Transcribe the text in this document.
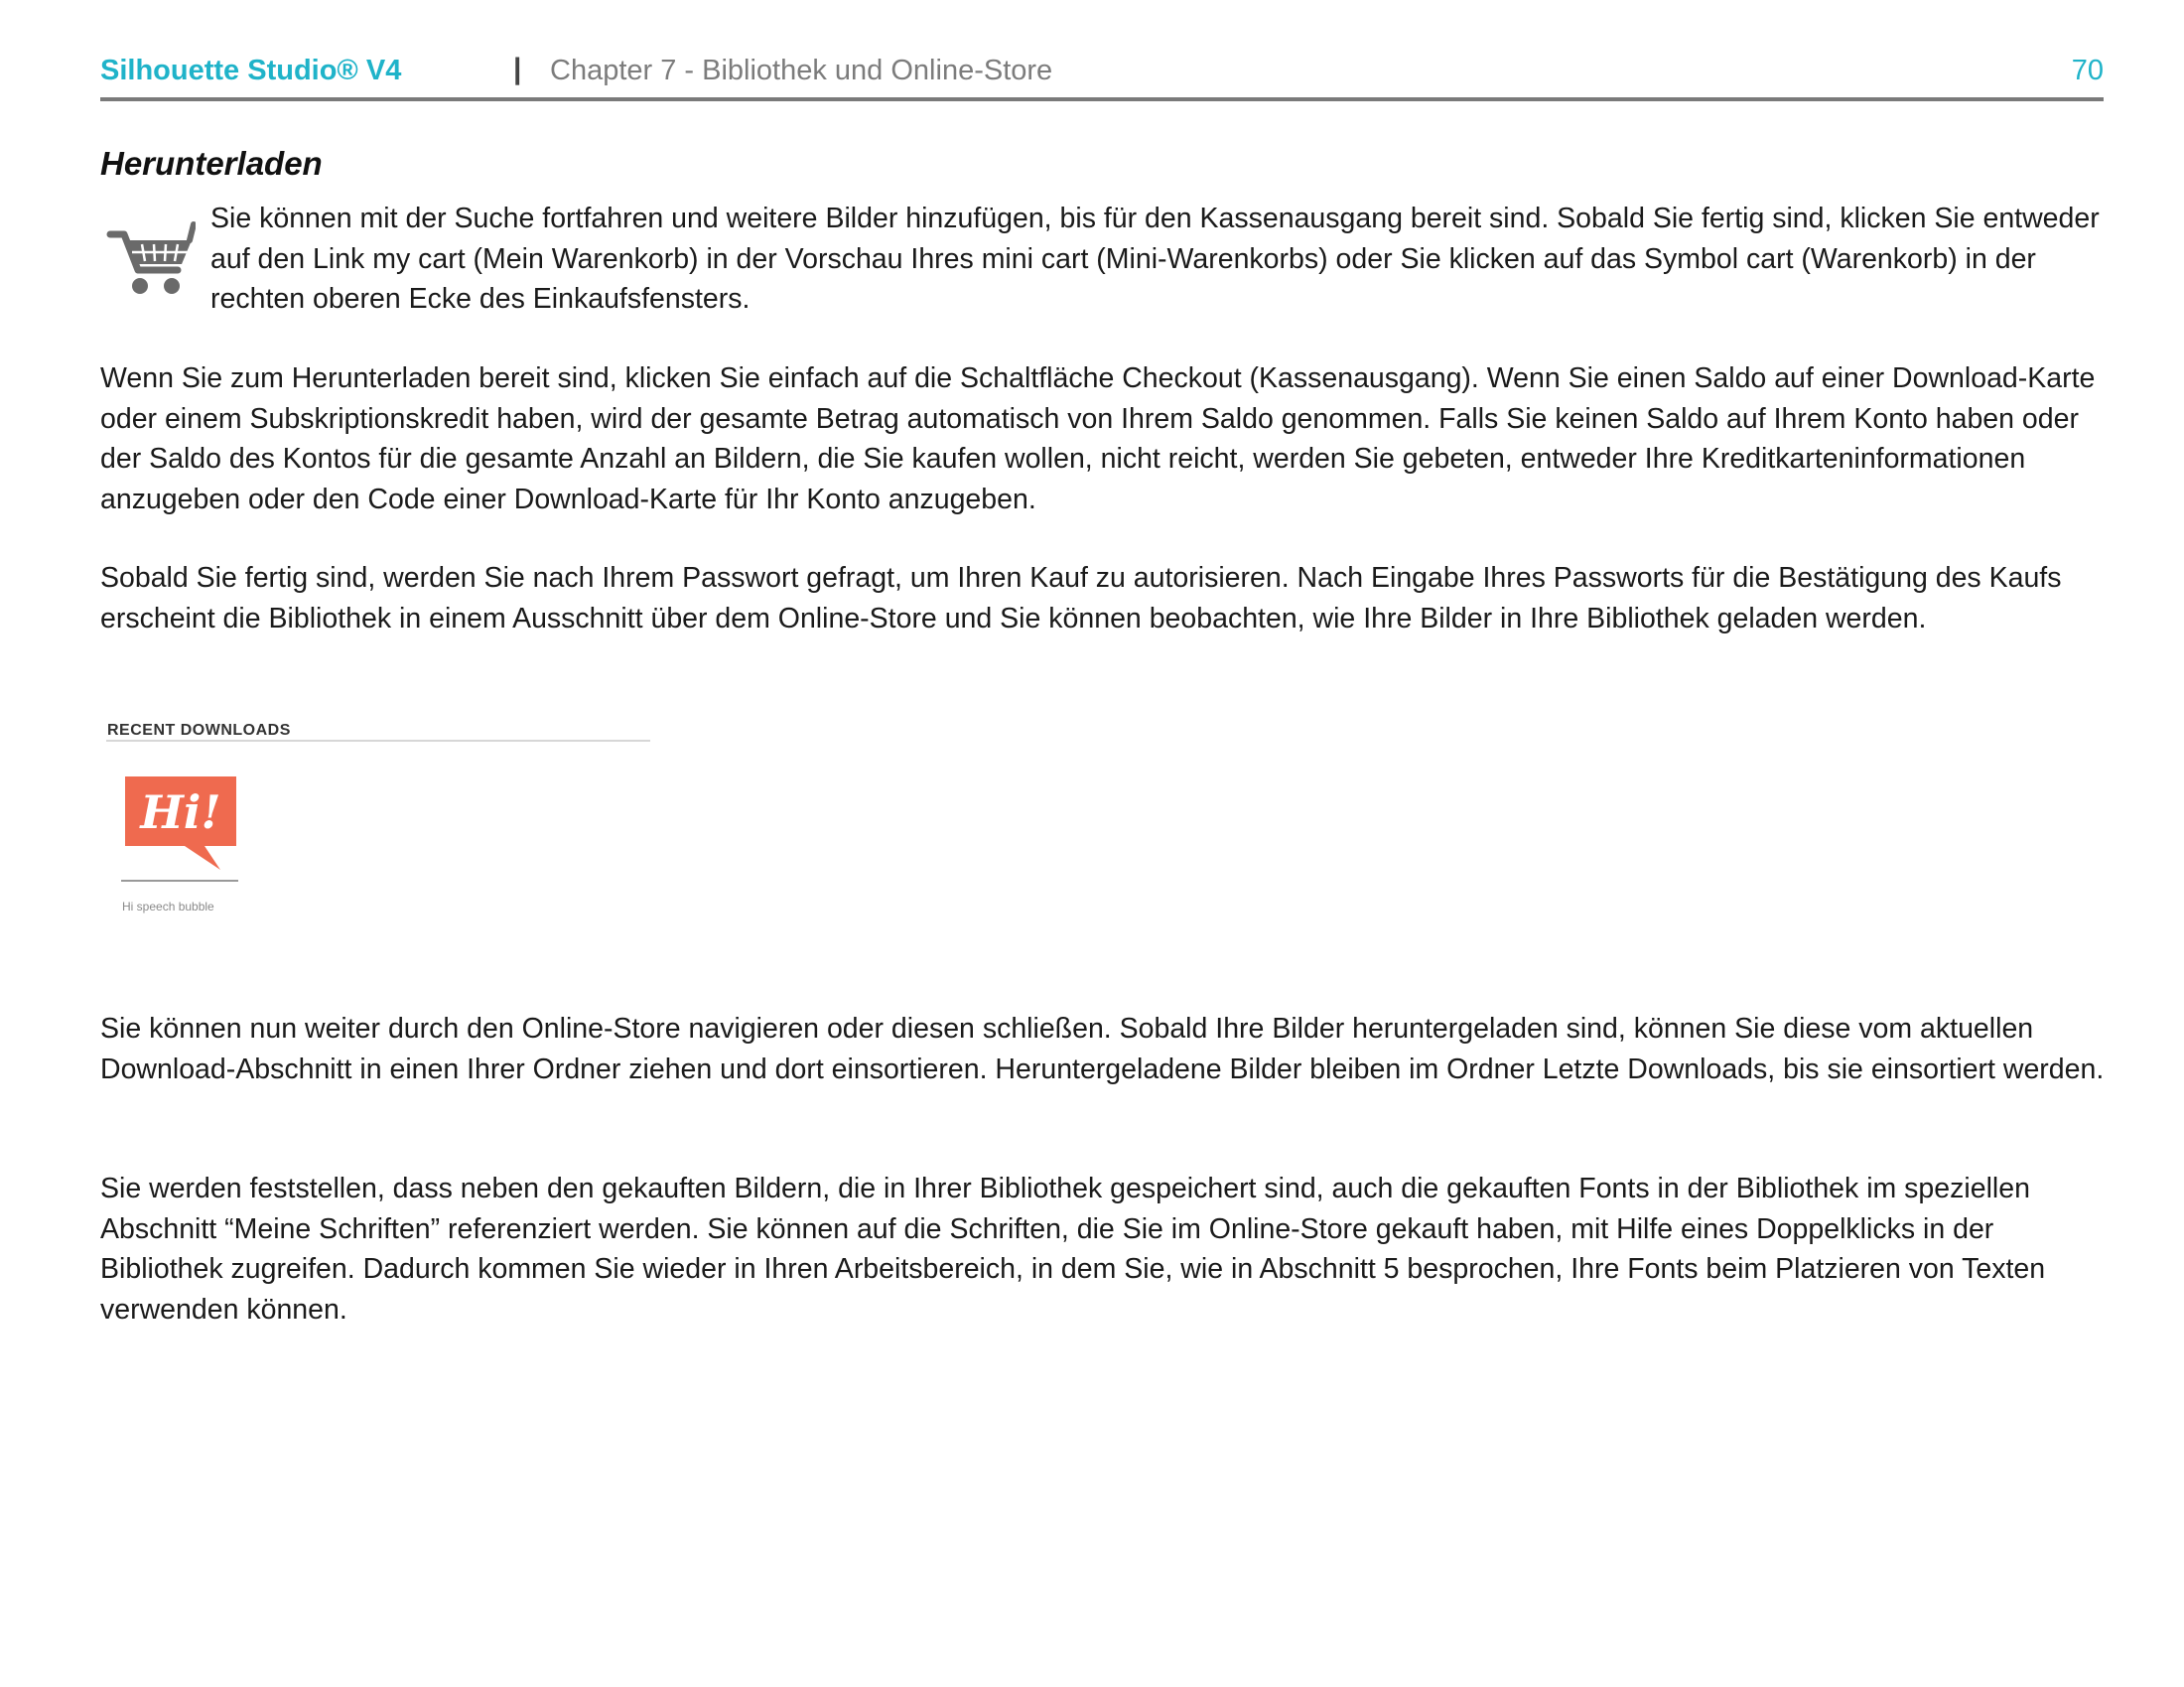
Silhouette Studio® V4	| Chapter 7 - Bibliothek und Online-Store	70
Herunterladen

Sie können mit der Suche fortfahren und weitere Bilder hinzufügen, bis für den Kassenausgang bereit sind. Sobald Sie fertig sind, klicken Sie entweder auf den Link my cart (Mein Warenkorb) in der Vorschau Ihres mini cart (Mini-Warenkorbs) oder Sie klicken auf das Symbol cart (Warenkorb) in der rechten oberen Ecke des Einkaufsfensters.

Wenn Sie zum Herunterladen bereit sind, klicken Sie einfach auf die Schaltfläche Checkout (Kassenausgang). Wenn Sie einen Saldo auf einer Download-Karte oder einem Subskriptionskredit haben, wird der gesamte Betrag automatisch von Ihrem Saldo genommen. Falls Sie keinen Saldo auf Ihrem Konto haben oder der Saldo des Kontos für die gesamte Anzahl an Bildern, die Sie kaufen wollen, nicht reicht, werden Sie gebeten, entweder Ihre Kreditkarteninformationen anzugeben oder den Code einer Download-Karte für Ihr Konto anzugeben.

Sobald Sie fertig sind, werden Sie nach Ihrem Passwort gefragt, um Ihren Kauf zu autorisieren. Nach Eingabe Ihres Passworts für die Bestätigung des Kaufs erscheint die Bibliothek in einem Ausschnitt über dem Online-Store und Sie können beobachten, wie Ihre Bilder in Ihre Bibliothek geladen werden.

RECENT DOWNLOADS
Hi!
Hi speech bubble

Sie können nun weiter durch den Online-Store navigieren oder diesen schließen. Sobald Ihre Bilder heruntergeladen sind, können Sie diese vom aktuellen Download-Abschnitt in einen Ihrer Ordner ziehen und dort einsortieren. Heruntergeladene Bilder bleiben im Ordner Letzte Downloads, bis sie einsortiert werden.

Sie werden feststellen, dass neben den gekauften Bildern, die in Ihrer Bibliothek gespeichert sind, auch die gekauften Fonts in der Bibliothek im speziellen Abschnitt “Meine Schriften” referenziert werden. Sie können auf die Schriften, die Sie im Online-Store gekauft haben, mit Hilfe eines Doppelklicks in der Bibliothek zugreifen. Dadurch kommen Sie wieder in Ihren Arbeitsbereich, in dem Sie, wie in Abschnitt 5 besprochen, Ihre Fonts beim Platzieren von Texten verwenden können.
